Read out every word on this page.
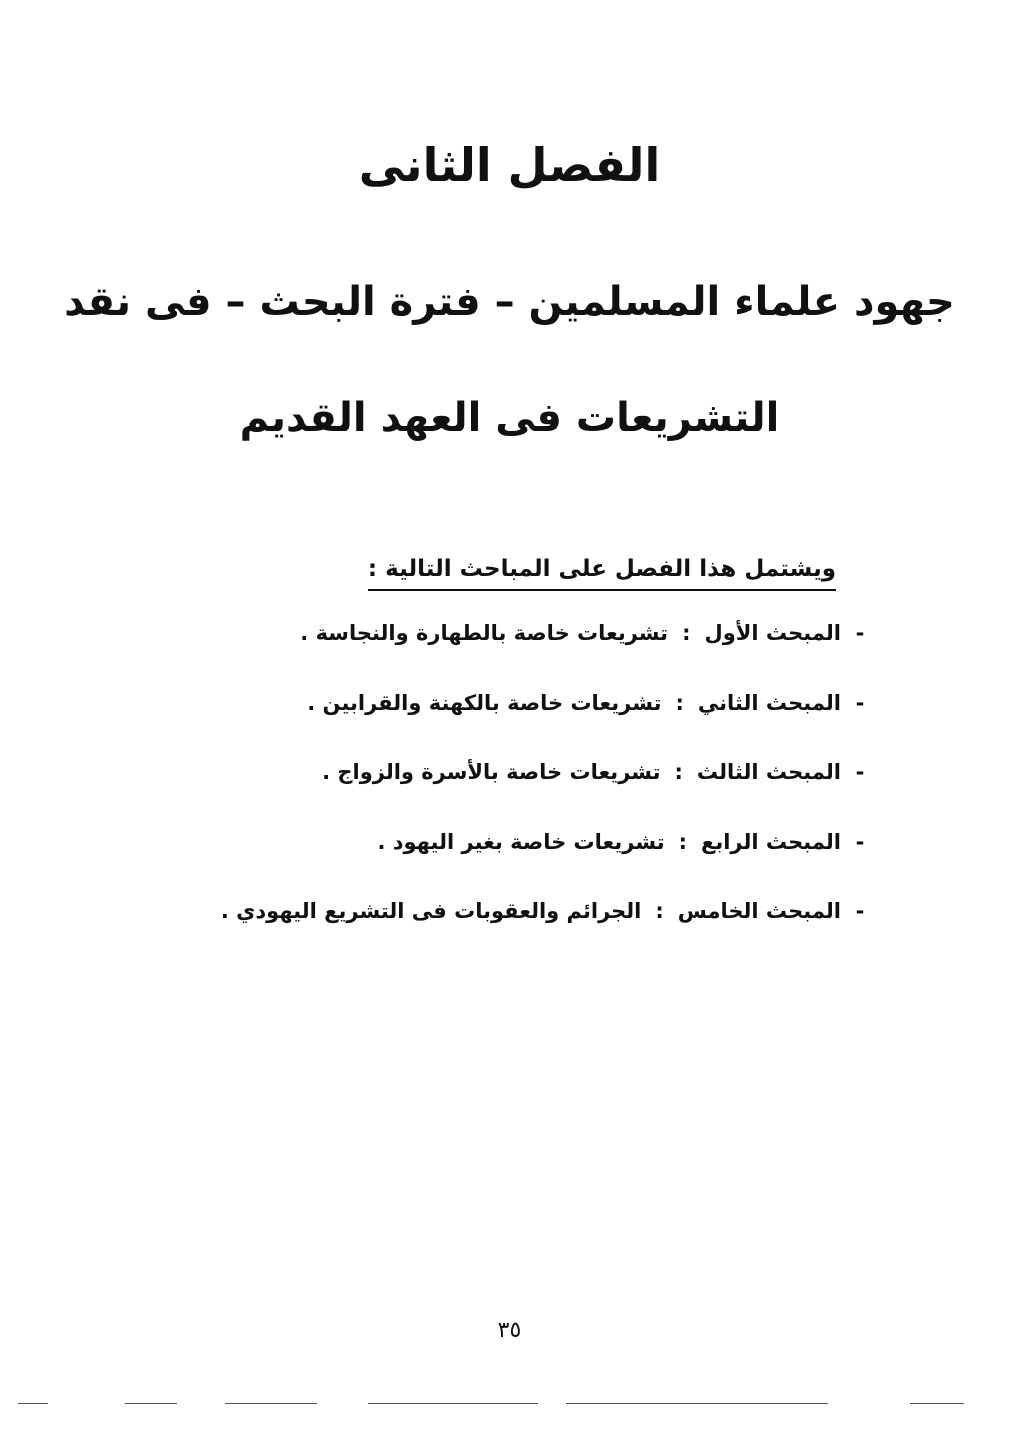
الفصل الثانى
جهود علماء المسلمين – فترة البحث – فى نقد
التشريعات فى العهد القديم
ويشتمل هذا الفصل على المباحث التالية :
-
المبحث الأول
:
تشريعات خاصة بالطهارة والنجاسة .
-
المبحث الثاني
:
تشريعات خاصة بالكهنة والقرابين .
-
المبحث الثالث
:
تشريعات خاصة بالأسرة والزواج .
-
المبحث الرابع
:
تشريعات خاصة بغير اليهود .
-
المبحث الخامس
:
الجرائم والعقوبات فى التشريع اليهودي .
٣٥
